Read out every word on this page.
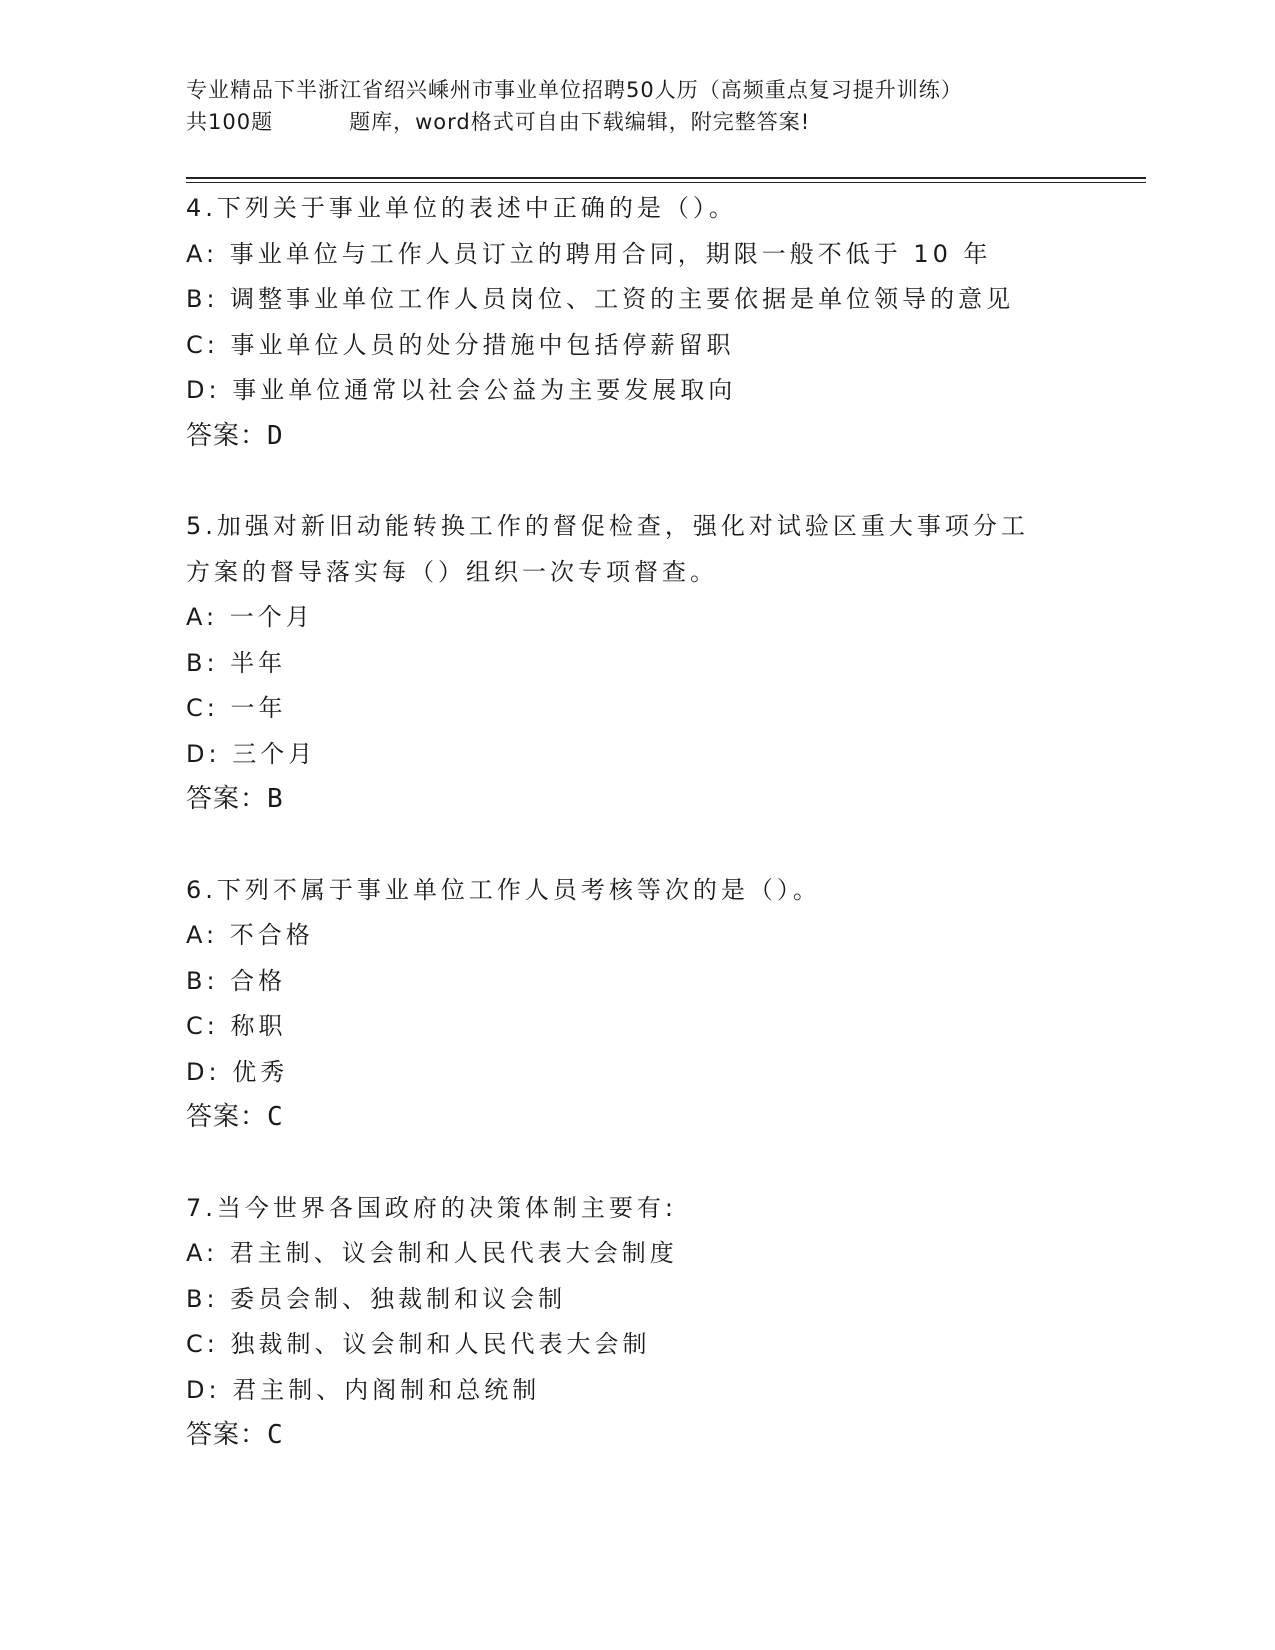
专业精品下半浙江省绍兴嵊州市事业单位招聘50人历（高频重点复习提升训练）

共100题	题库，word格式可自由下载编辑，附完整答案!
4.下列关于事业单位的表述中正确的是（）。
A: 事业单位与工作人员订立的聘用合同，期限一般不低于 10 年
B: 调整事业单位工作人员岗位、工资的主要依据是单位领导的意见
C: 事业单位人员的处分措施中包括停薪留职
D: 事业单位通常以社会公益为主要发展取向
答案：D
5.加强对新旧动能转换工作的督促检查，强化对试验区重大事项分工
方案的督导落实每（）组织一次专项督查。
A: 一个月
B: 半年
C: 一年
D: 三个月
答案：B
6.下列不属于事业单位工作人员考核等次的是（）。
A: 不合格
B: 合格
C: 称职
D: 优秀
答案：C
7.当今世界各国政府的决策体制主要有:
A: 君主制、议会制和人民代表大会制度
B: 委员会制、独裁制和议会制
C: 独裁制、议会制和人民代表大会制
D: 君主制、内阁制和总统制
答案：C
